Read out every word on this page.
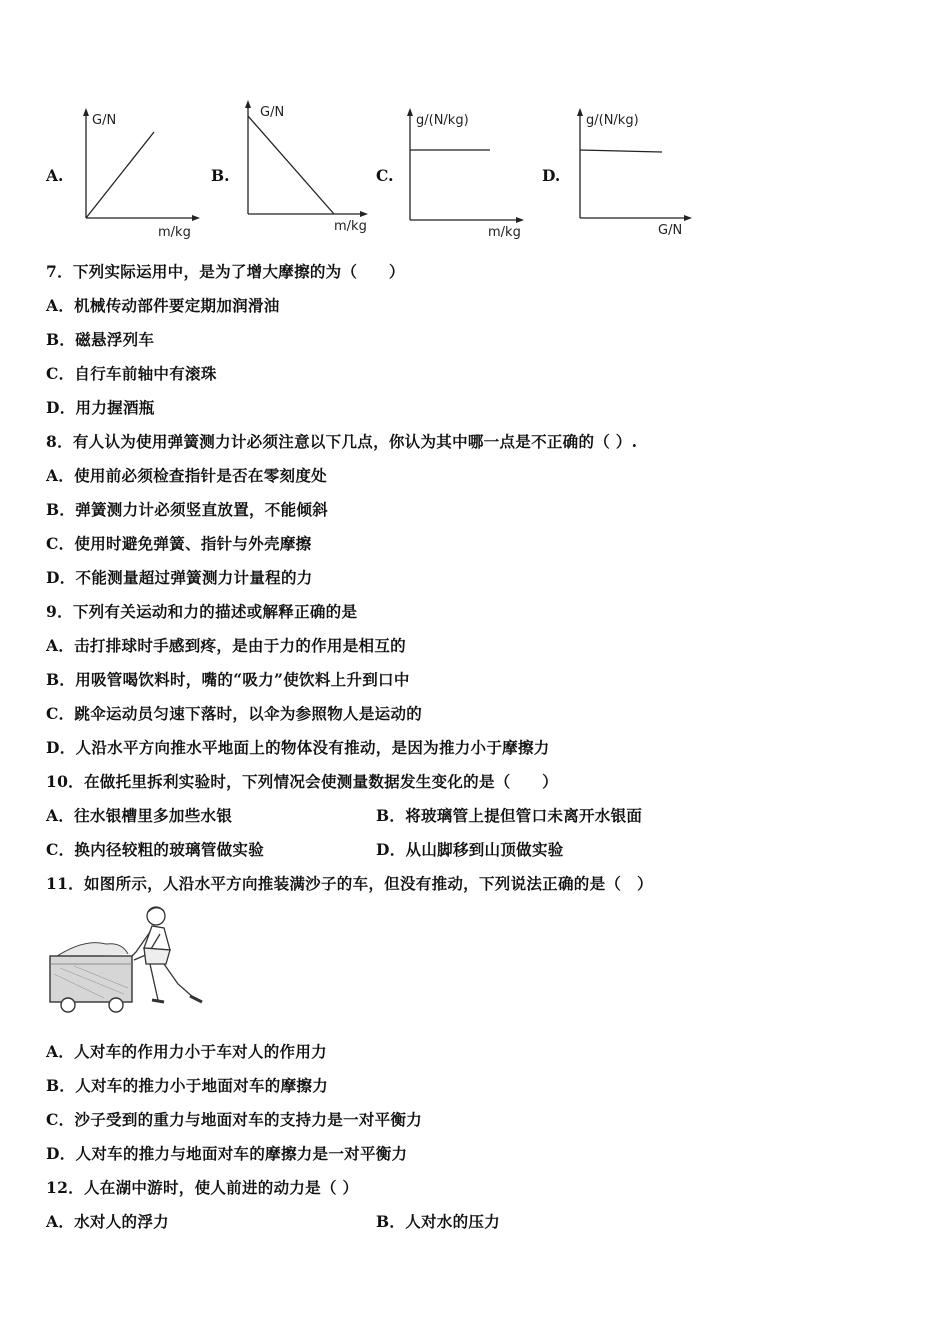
A.
G/N
m/kg
B.
G/N
m/kg
C.
g/(N/kg)
m/kg
D.
g/(N/kg)
G/N
7．下列实际运用中，是为了增大摩擦的为（　　）
A．机械传动部件要定期加润滑油
B．磁悬浮列车
C．自行车前轴中有滚珠
D．用力握酒瓶
8．有人认为使用弹簧测力计必须注意以下几点，你认为其中哪一点是不正确的（ ）.
A．使用前必须检查指针是否在零刻度处
B．弹簧测力计必须竖直放置，不能倾斜
C．使用时避免弹簧、指针与外壳摩擦
D．不能测量超过弹簧测力计量程的力
9．下列有关运动和力的描述或解释正确的是
A．击打排球时手感到疼，是由于力的作用是相互的
B．用吸管喝饮料时，嘴的“吸力”使饮料上升到口中
C．跳伞运动员匀速下落时，以伞为参照物人是运动的
D．人沿水平方向推水平地面上的物体没有推动，是因为推力小于摩擦力
10．在做托里拆利实验时，下列情况会使测量数据发生变化的是（　　）
A．往水银槽里多加些水银	B．将玻璃管上提但管口未离开水银面
C．换内径较粗的玻璃管做实验	D．从山脚移到山顶做实验
11．如图所示，人沿水平方向推装满沙子的车，但没有推动，下列说法正确的是（　）
A．人对车的作用力小于车对人的作用力
B．人对车的推力小于地面对车的摩擦力
C．沙子受到的重力与地面对车的支持力是一对平衡力
D．人对车的推力与地面对车的摩擦力是一对平衡力
12．人在湖中游时，使人前进的动力是（ ）
A．水对人的浮力	B．人对水的压力
